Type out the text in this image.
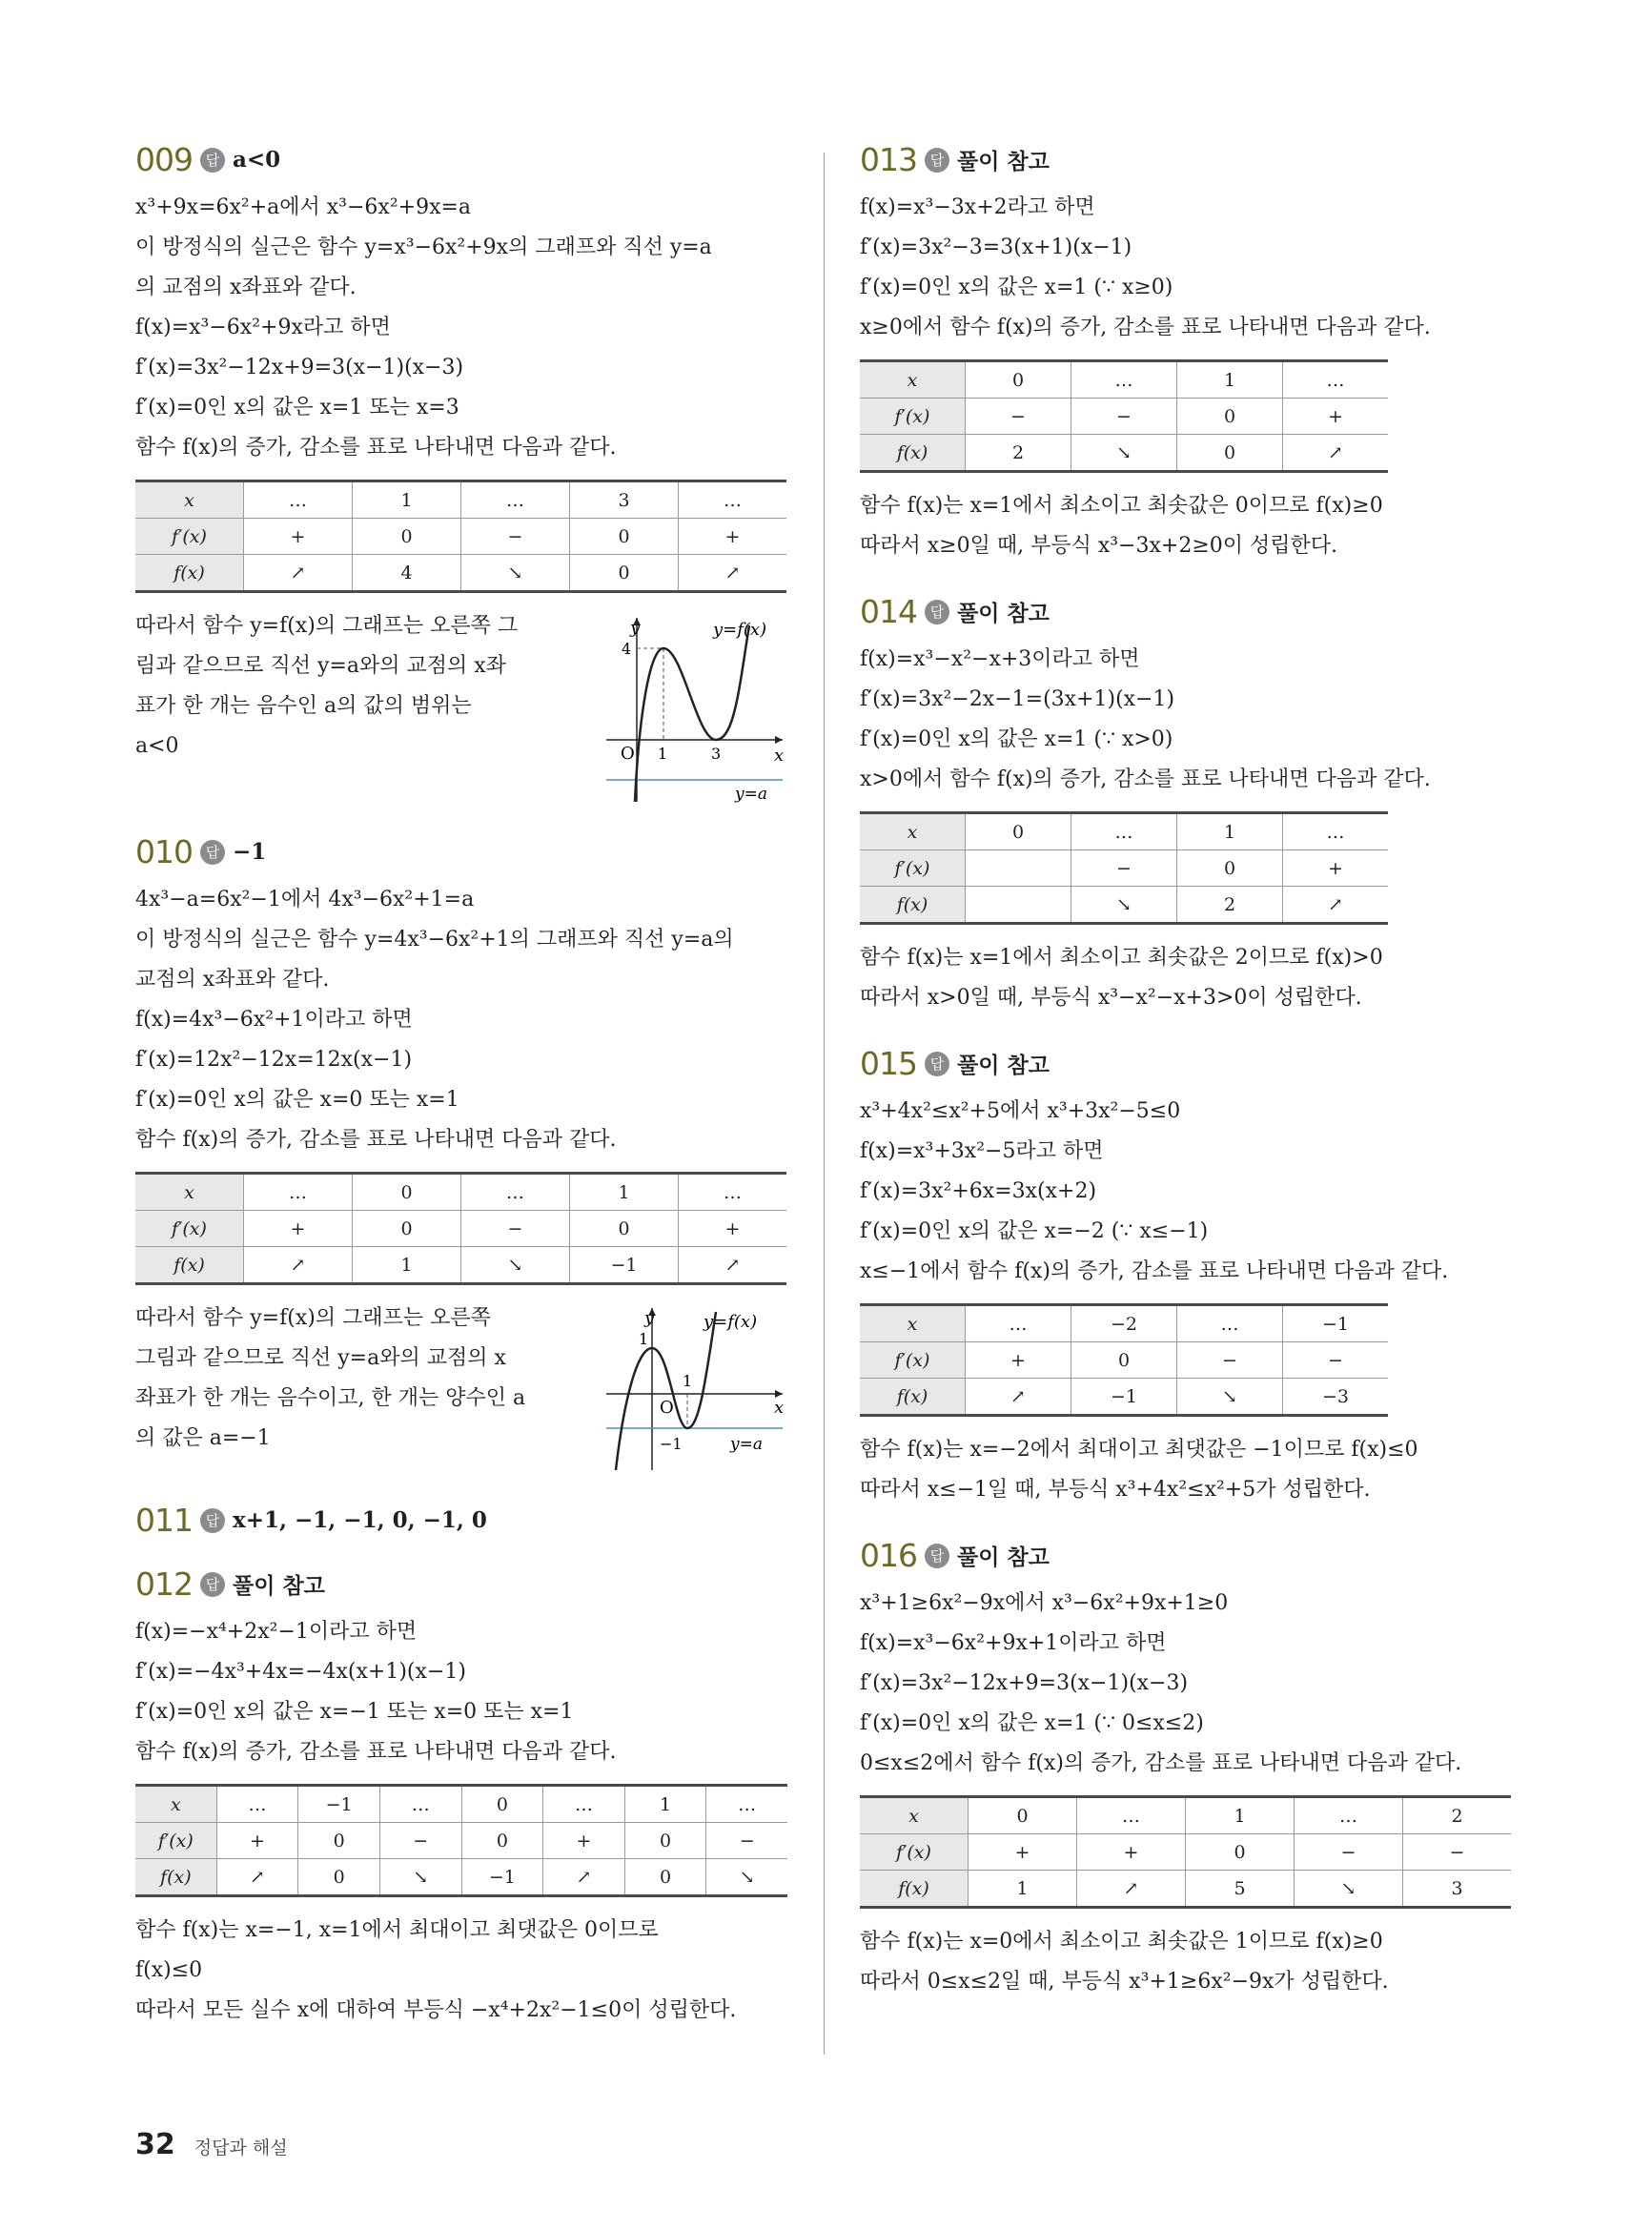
009 답 a<0
x³+9x=6x²+a에서 x³−6x²+9x=a
이 방정식의 실근은 함수 y=x³−6x²+9x의 그래프와 직선 y=a
의 교점의 x좌표와 같다.
f(x)=x³−6x²+9x라고 하면
f′(x)=3x²−12x+9=3(x−1)(x−3)
f′(x)=0인 x의 값은 x=1 또는 x=3
함수 f(x)의 증가, 감소를 표로 나타내면 다음과 같다.
x	…	1	…	3	…
f′(x)	+	0	−	0	+
f(x)	↗	4	↘	0	↗
따라서 함수 y=f(x)의 그래프는 오른쪽 그
림과 같으므로 직선 y=a와의 교점의 x좌
표가 한 개는 음수인 a의 값의 범위는
a<0
y
x
O
4
1	3
y=f(x)
y=a
010 답 −1
4x³−a=6x²−1에서 4x³−6x²+1=a
이 방정식의 실근은 함수 y=4x³−6x²+1의 그래프와 직선 y=a의
교점의 x좌표와 같다.
f(x)=4x³−6x²+1이라고 하면
f′(x)=12x²−12x=12x(x−1)
f′(x)=0인 x의 값은 x=0 또는 x=1
함수 f(x)의 증가, 감소를 표로 나타내면 다음과 같다.
x	…	0	…	1	…
f′(x)	+	0	−	0	+
f(x)	↗	1	↘	−1	↗
따라서 함수 y=f(x)의 그래프는 오른쪽
그림과 같으므로 직선 y=a와의 교점의 x
좌표가 한 개는 음수이고, 한 개는 양수인 a
의 값은 a=−1
y
x
O
1
1
−1
y=f(x)
y=a
011 답 x+1, −1, −1, 0, −1, 0
012 답 풀이 참고
f(x)=−x⁴+2x²−1이라고 하면
f′(x)=−4x³+4x=−4x(x+1)(x−1)
f′(x)=0인 x의 값은 x=−1 또는 x=0 또는 x=1
함수 f(x)의 증가, 감소를 표로 나타내면 다음과 같다.
x	…	−1	…	0	…	1	…
f′(x)	+	0	−	0	+	0	−
f(x)	↗	0	↘	−1	↗	0	↘
함수 f(x)는 x=−1, x=1에서 최대이고 최댓값은 0이므로
f(x)≤0
따라서 모든 실수 x에 대하여 부등식 −x⁴+2x²−1≤0이 성립한다.
013 답 풀이 참고
f(x)=x³−3x+2라고 하면
f′(x)=3x²−3=3(x+1)(x−1)
f′(x)=0인 x의 값은 x=1 (∵ x≥0)
x≥0에서 함수 f(x)의 증가, 감소를 표로 나타내면 다음과 같다.
x	0	…	1	…
f′(x)	−	−	0	+
f(x)	2	↘	0	↗
함수 f(x)는 x=1에서 최소이고 최솟값은 0이므로 f(x)≥0
따라서 x≥0일 때, 부등식 x³−3x+2≥0이 성립한다.
014 답 풀이 참고
f(x)=x³−x²−x+3이라고 하면
f′(x)=3x²−2x−1=(3x+1)(x−1)
f′(x)=0인 x의 값은 x=1 (∵ x>0)
x>0에서 함수 f(x)의 증가, 감소를 표로 나타내면 다음과 같다.
x	0	…	1	…
f′(x)		−	0	+
f(x)		↘	2	↗
함수 f(x)는 x=1에서 최소이고 최솟값은 2이므로 f(x)>0
따라서 x>0일 때, 부등식 x³−x²−x+3>0이 성립한다.
015 답 풀이 참고
x³+4x²≤x²+5에서 x³+3x²−5≤0
f(x)=x³+3x²−5라고 하면
f′(x)=3x²+6x=3x(x+2)
f′(x)=0인 x의 값은 x=−2 (∵ x≤−1)
x≤−1에서 함수 f(x)의 증가, 감소를 표로 나타내면 다음과 같다.
x	…	−2	…	−1
f′(x)	+	0	−	−
f(x)	↗	−1	↘	−3
함수 f(x)는 x=−2에서 최대이고 최댓값은 −1이므로 f(x)≤0
따라서 x≤−1일 때, 부등식 x³+4x²≤x²+5가 성립한다.
016 답 풀이 참고
x³+1≥6x²−9x에서 x³−6x²+9x+1≥0
f(x)=x³−6x²+9x+1이라고 하면
f′(x)=3x²−12x+9=3(x−1)(x−3)
f′(x)=0인 x의 값은 x=1 (∵ 0≤x≤2)
0≤x≤2에서 함수 f(x)의 증가, 감소를 표로 나타내면 다음과 같다.
x	0	…	1	…	2
f′(x)	+	+	0	−	−
f(x)	1	↗	5	↘	3
함수 f(x)는 x=0에서 최소이고 최솟값은 1이므로 f(x)≥0
따라서 0≤x≤2일 때, 부등식 x³+1≥6x²−9x가 성립한다.
32 정답과 해설
